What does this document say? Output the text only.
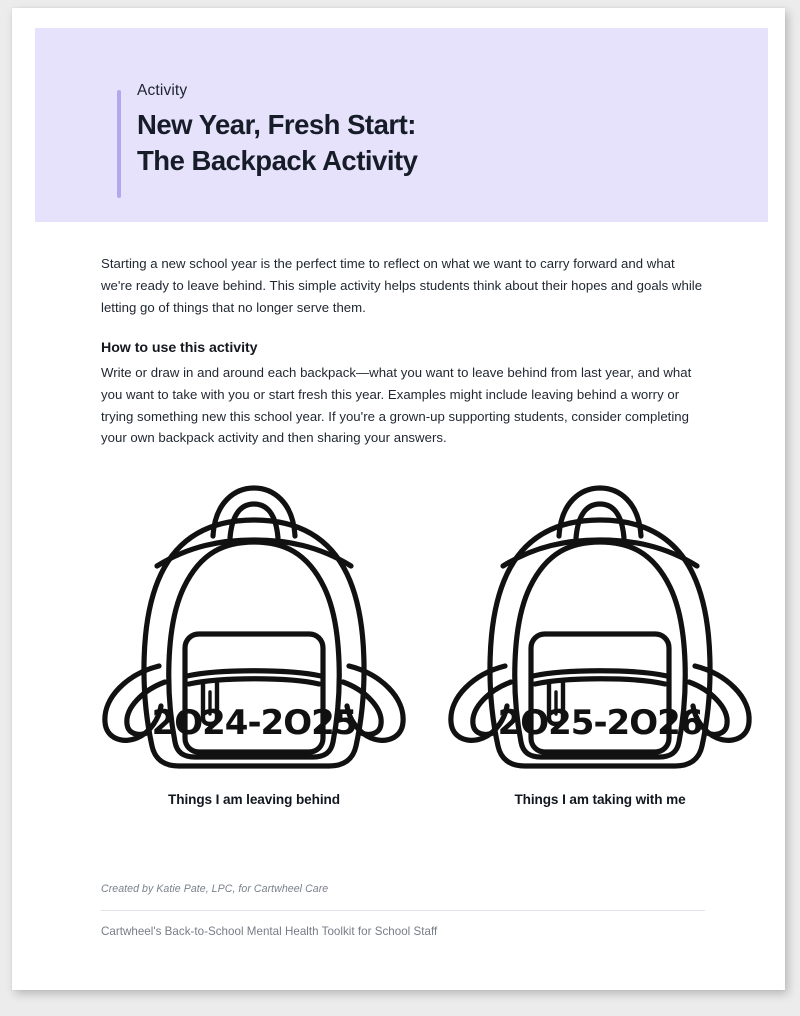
Activity

New Year, Fresh Start:
The Backpack Activity

Starting a new school year is the perfect time to reflect on what we want to carry forward and what we're ready to leave behind. This simple activity helps students think about their hopes and goals while letting go of things that no longer serve them.

How to use this activity

Write or draw in and around each backpack—what you want to leave behind from last year, and what you want to take with you or start fresh this year. Examples might include leaving behind a worry or trying something new this school year. If you're a grown-up supporting students, consider completing your own backpack activity and then sharing your answers.

2O24-2O25
Things I am leaving behind
2O25-2O26
Things I am taking with me

Created by Katie Pate, LPC, for Cartwheel Care

Cartwheel's Back-to-School Mental Health Toolkit for School Staff
